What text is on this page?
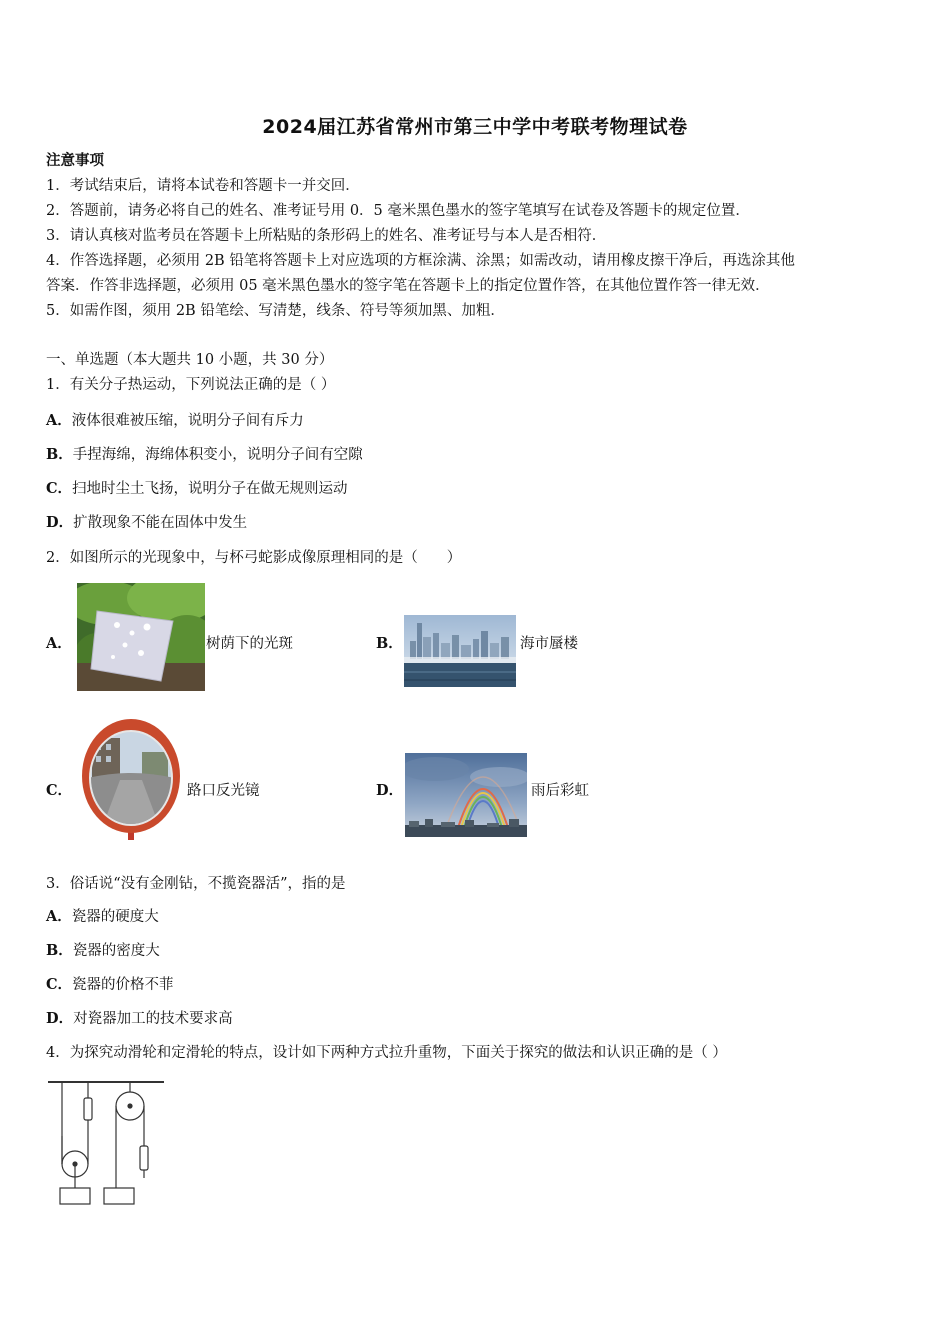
2024届江苏省常州市第三中学中考联考物理试卷
注意事项
1．考试结束后，请将本试卷和答题卡一并交回．
2．答题前，请务必将自己的姓名、准考证号用 0．5 毫米黑色墨水的签字笔填写在试卷及答题卡的规定位置．
3．请认真核对监考员在答题卡上所粘贴的条形码上的姓名、准考证号与本人是否相符．
4．作答选择题，必须用 2B 铅笔将答题卡上对应选项的方框涂满、涂黑；如需改动，请用橡皮擦干净后，再选涂其他
答案．作答非选择题，必须用 05 毫米黑色墨水的签字笔在答题卡上的指定位置作答，在其他位置作答一律无效．
5．如需作图，须用 2B 铅笔绘、写清楚，线条、符号等须加黑、加粗．
一、单选题（本大题共 10 小题，共 30 分）
1．有关分子热运动，下列说法正确的是（ ）
A．液体很难被压缩，说明分子间有斥力
B．手捏海绵，海绵体积变小，说明分子间有空隙
C．扫地时尘土飞扬，说明分子在做无规则运动
D．扩散现象不能在固体中发生
2．如图所示的光现象中，与杯弓蛇影成像原理相同的是（　　）
A．	树荫下的光斑	B．	海市蜃楼
C．	路口反光镜	D．	雨后彩虹
3．俗话说“没有金刚钻，不揽瓷器活”，指的是
A．瓷器的硬度大
B．瓷器的密度大
C．瓷器的价格不菲
D．对瓷器加工的技术要求高
4．为探究动滑轮和定滑轮的特点，设计如下两种方式拉升重物，下面关于探究的做法和认识正确的是（ ）
